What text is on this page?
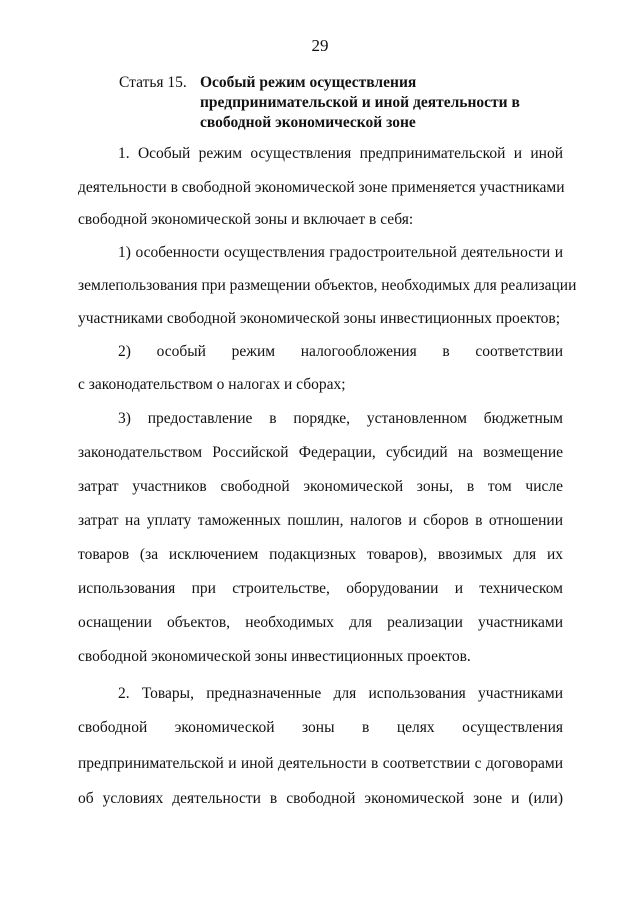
29
Статья 15. Особый режим осуществления предпринимательской и иной деятельности в свободной экономической зоне
1. Особый режим осуществления предпринимательской и иной
деятельности в свободной экономической зоне применяется участниками
свободной экономической зоны и включает в себя:
1) особенности осуществления градостроительной деятельности и
землепользования при размещении объектов, необходимых для реализации
участниками свободной экономической зоны инвестиционных проектов;
2) особый режим налогообложения в соответствии
с законодательством о налогах и сборах;
3) предоставление в порядке, установленном бюджетным
законодательством Российской Федерации, субсидий на возмещение
затрат участников свободной экономической зоны, в том числе
затрат на уплату таможенных пошлин, налогов и сборов в отношении
товаров (за исключением подакцизных товаров), ввозимых для их
использования при строительстве, оборудовании и техническом
оснащении объектов, необходимых для реализации участниками
свободной экономической зоны инвестиционных проектов.
2. Товары, предназначенные для использования участниками
свободной экономической зоны в целях осуществления
предпринимательской и иной деятельности в соответствии с договорами
об условиях деятельности в свободной экономической зоне и (или)
